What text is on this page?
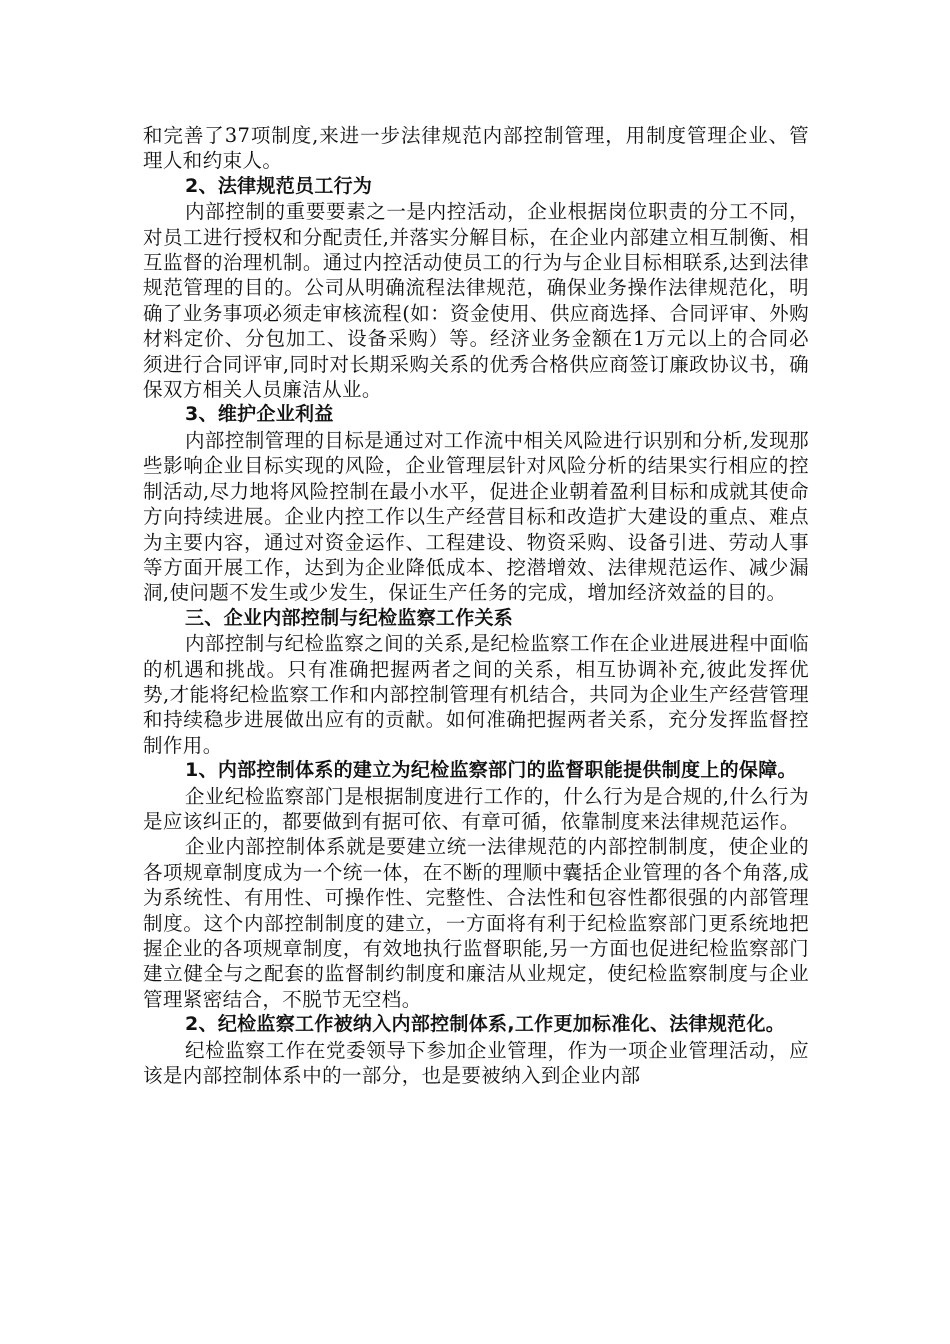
和完善了37项制度,来进一步法律规范内部控制管理，用制度管理企业、管理人和约束人。

2、法律规范员工行为

内部控制的重要要素之一是内控活动，企业根据岗位职责的分工不同， 对员工进行授权和分配责任,并落实分解目标，在企业内部建立相互制衡、相互监督的治理机制。通过内控活动使员工的行为与企业目标相联系,达到法律规范管理的目的。公司从明确流程法律规范，确保业务操作法律规范化，明确了业务事项必须走审核流程(如：资金使用、供应商选择、合同评审、外购材料定价、分包加工、设备采购）等。经济业务金额在1万元以上的合同必须进行合同评审,同时对长期采购关系的优秀合格供应商签订廉政协议书，确保双方相关人员廉洁从业。

3、维护企业利益

内部控制管理的目标是通过对工作流中相关风险进行识别和分析,发现那些影响企业目标实现的风险，企业管理层针对风险分析的结果实行相应的控制活动,尽力地将风险控制在最小水平，促进企业朝着盈利目标和成就其使命方向持续进展。企业内控工作以生产经营目标和改造扩大建设的重点、难点为主要内容，通过对资金运作、工程建设、物资采购、设备引进、劳动人事等方面开展工作，达到为企业降低成本、挖潜增效、法律规范运作、减少漏洞,使问题不发生或少发生，保证生产任务的完成，增加经济效益的目的。

三、企业内部控制与纪检监察工作关系

内部控制与纪检监察之间的关系,是纪检监察工作在企业进展进程中面临的机遇和挑战。只有准确把握两者之间的关系，相互协调补充,彼此发挥优势,才能将纪检监察工作和内部控制管理有机结合，共同为企业生产经营管理和持续稳步进展做出应有的贡献。如何准确把握两者关系，充分发挥监督控制作用。

1、内部控制体系的建立为纪检监察部门的监督职能提供制度上的保障。

企业纪检监察部门是根据制度进行工作的，什么行为是合规的,什么行为是应该纠正的，都要做到有据可依、有章可循，依靠制度来法律规范运作。

企业内部控制体系就是要建立统一法律规范的内部控制制度，使企业的各项规章制度成为一个统一体，在不断的理顺中囊括企业管理的各个角落,成为系统性、有用性、可操作性、完整性、合法性和包容性都很强的内部管理制度。这个内部控制制度的建立，一方面将有利于纪检监察部门更系统地把握企业的各项规章制度，有效地执行监督职能,另一方面也促进纪检监察部门建立健全与之配套的监督制约制度和廉洁从业规定，使纪检监察制度与企业管理紧密结合，不脱节无空档。

2、纪检监察工作被纳入内部控制体系,工作更加标准化、法律规范化。

纪检监察工作在党委领导下参加企业管理，作为一项企业管理活动，应该是内部控制体系中的一部分，也是要被纳入到企业内部
